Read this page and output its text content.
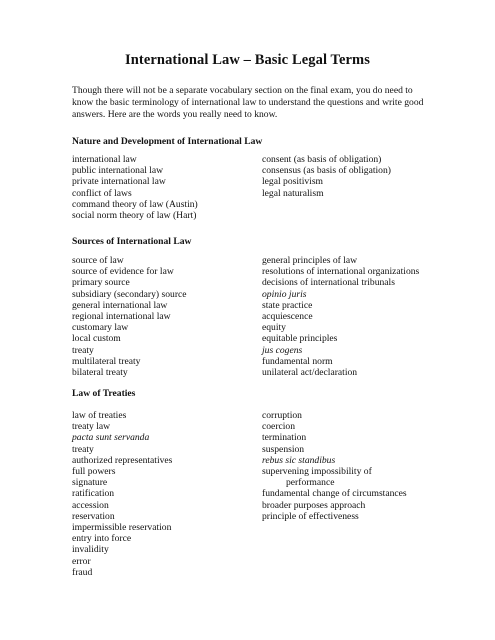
International Law – Basic Legal Terms
Though there will not be a separate vocabulary section on the final exam, you do need to know the basic terminology of international law to understand the questions and write good answers. Here are the words you really need to know.
Nature and Development of International Law
international law
public international law
private international law
conflict of laws
command theory of law (Austin)
social norm theory of law (Hart)
consent (as basis of obligation)
consensus (as basis of obligation)
legal positivism
legal naturalism
Sources of International Law
source of law
source of evidence for law
primary source
subsidiary (secondary) source
general international law
regional international law
customary law
local custom
treaty
multilateral treaty
bilateral treaty
general principles of law
resolutions of international organizations
decisions of international tribunals
opinio juris
state practice
acquiescence
equity
equitable principles
jus cogens
fundamental norm
unilateral act/declaration
Law of Treaties
law of treaties
treaty law
pacta sunt servanda
treaty
authorized representatives
full powers
signature
ratification
accession
reservation
impermissible reservation
entry into force
invalidity
error
fraud
corruption
coercion
termination
suspension
rebus sic standibus
supervening impossibility of
performance
fundamental change of circumstances
broader purposes approach
principle of effectiveness
